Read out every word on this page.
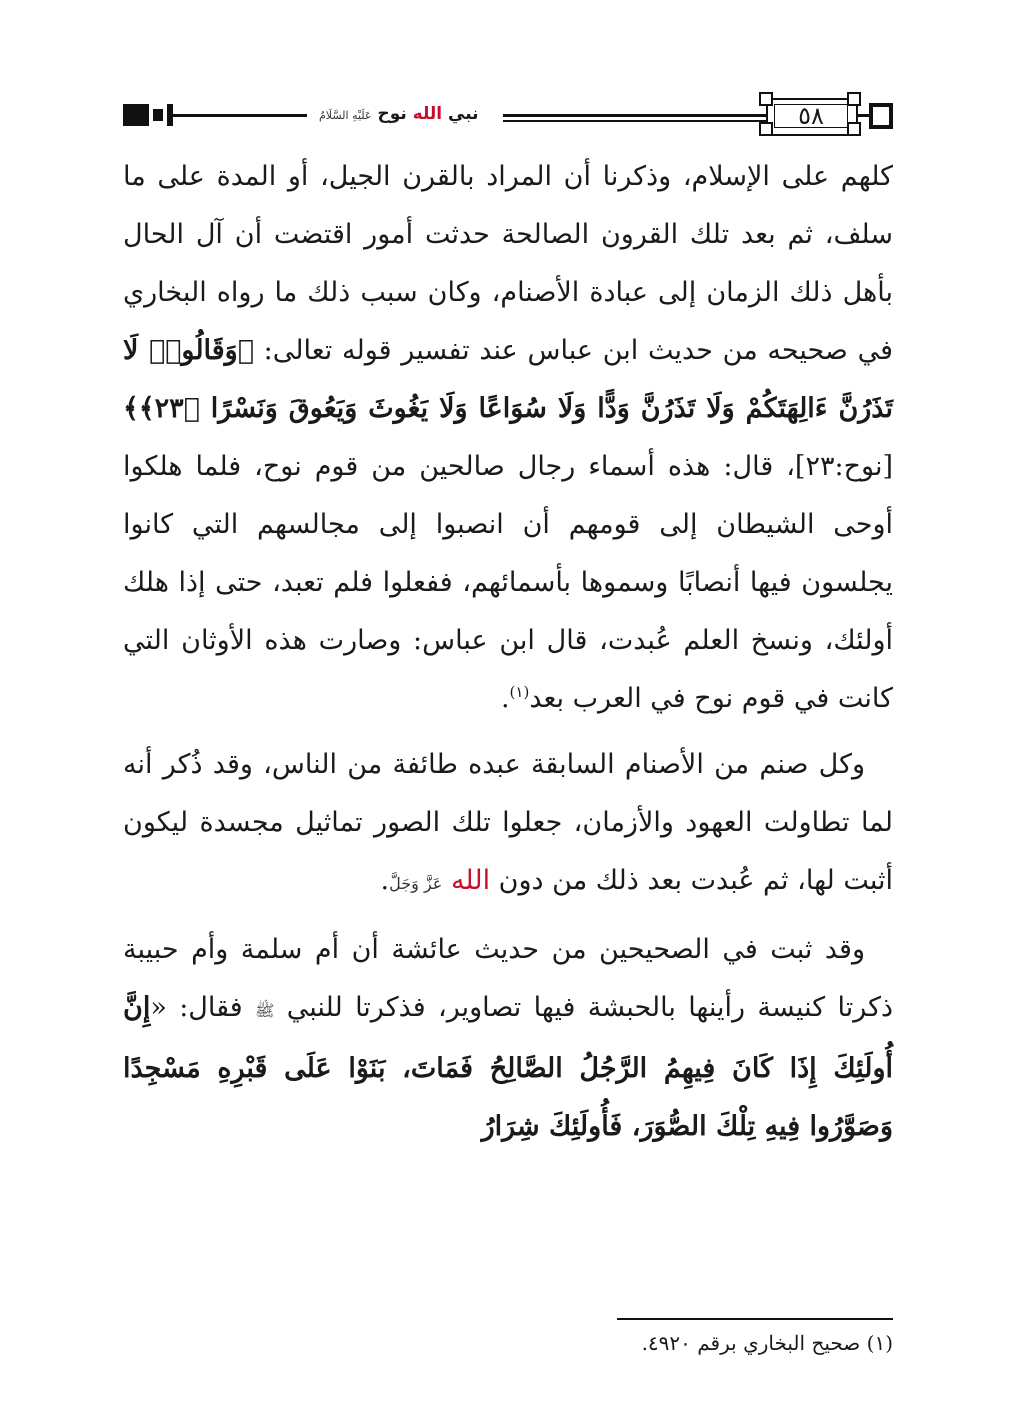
نبي الله نوح عَلَيْهِ السَّلَامُ	٥٨

كلهم على الإسلام، وذكرنا أن المراد بالقرن الجيل، أو المدة على ما سلف، ثم بعد تلك القرون الصالحة حدثت أمور اقتضت أن آل الحال بأهل ذلك الزمان إلى عبادة الأصنام، وكان سبب ذلك ما رواه البخاري في صحيحه من حديث ابن عباس عند تفسير قوله تعالى: ﴿وَقَالُوا۟ لَا تَذَرُنَّ ءَالِهَتَكُمْ وَلَا تَذَرُنَّ وَدًّا وَلَا سُوَاعًا وَلَا يَغُوثَ وَيَعُوقَ وَنَسْرًا ﴿٢٣﴾﴾ [نوح:٢٣]، قال: هذه أسماء رجال صالحين من قوم نوح، فلما هلكوا أوحى الشيطان إلى قومهم أن انصبوا إلى مجالسهم التي كانوا يجلسون فيها أنصابًا وسموها بأسمائهم، ففعلوا فلم تعبد، حتى إذا هلك أولئك، ونسخ العلم عُبدت، قال ابن عباس: وصارت هذه الأوثان التي كانت في قوم نوح في العرب بعد$^{(١)}$.

وكل صنم من الأصنام السابقة عبده طائفة من الناس، وقد ذُكر أنه لما تطاولت العهود والأزمان، جعلوا تلك الصور تماثيل مجسدة ليكون أثبت لها، ثم عُبدت بعد ذلك من دون الله عَزَّ وَجَلَّ.

وقد ثبت في الصحيحين من حديث عائشة أن أم سلمة وأم حبيبة ذكرتا كنيسة رأينها بالحبشة فيها تصاوير، فذكرتا للنبي ﷺ فقال: «إِنَّ أُولَئِكَ إِذَا كَانَ فِيهِمُ الرَّجُلُ الصَّالِحُ فَمَاتَ، بَنَوْا عَلَى قَبْرِهِ مَسْجِدًا وَصَوَّرُوا فِيهِ تِلْكَ الصُّوَرَ، فَأُولَئِكَ شِرَارُ

(١) صحيح البخاري برقم ٤٩٢٠.
